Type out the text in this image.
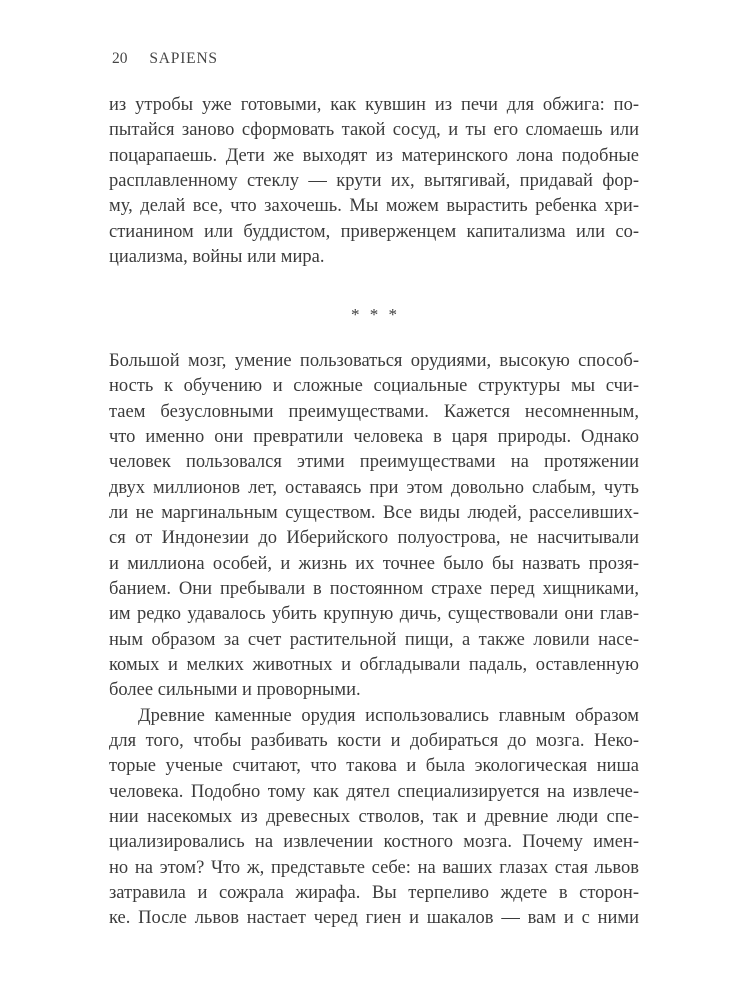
20 SAPIENS
из утробы уже готовыми, как кувшин из печи для обжига: по-
пытайся заново сформовать такой сосуд, и ты его сломаешь или
поцарапаешь. Дети же выходят из материнского лона подобные
расплавленному стеклу — крути их, вытягивай, придавай фор-
му, делай все, что захочешь. Мы можем вырастить ребенка хри-
стианином или буддистом, приверженцем капитализма или со-
циализма, войны или мира.
* * *
Большой мозг, умение пользоваться орудиями, высокую способ-
ность к обучению и сложные социальные структуры мы счи-
таем безусловными преимуществами. Кажется несомненным,
что именно они превратили человека в царя природы. Однако
человек пользовался этими преимуществами на протяжении
двух миллионов лет, оставаясь при этом довольно слабым, чуть
ли не маргинальным существом. Все виды людей, расселивших-
ся от Индонезии до Иберийского полуострова, не насчитывали
и миллиона особей, и жизнь их точнее было бы назвать прозя-
банием. Они пребывали в постоянном страхе перед хищниками,
им редко удавалось убить крупную дичь, существовали они глав-
ным образом за счет растительной пищи, а также ловили насе-
комых и мелких животных и обгладывали падаль, оставленную
более сильными и проворными.
Древние каменные орудия использовались главным образом
для того, чтобы разбивать кости и добираться до мозга. Неко-
торые ученые считают, что такова и была экологическая ниша
человека. Подобно тому как дятел специализируется на извлече-
нии насекомых из древесных стволов, так и древние люди спе-
циализировались на извлечении костного мозга. Почему имен-
но на этом? Что ж, представьте себе: на ваших глазах стая львов
затравила и сожрала жирафа. Вы терпеливо ждете в сторон-
ке. После львов настает черед гиен и шакалов — вам и с ними
